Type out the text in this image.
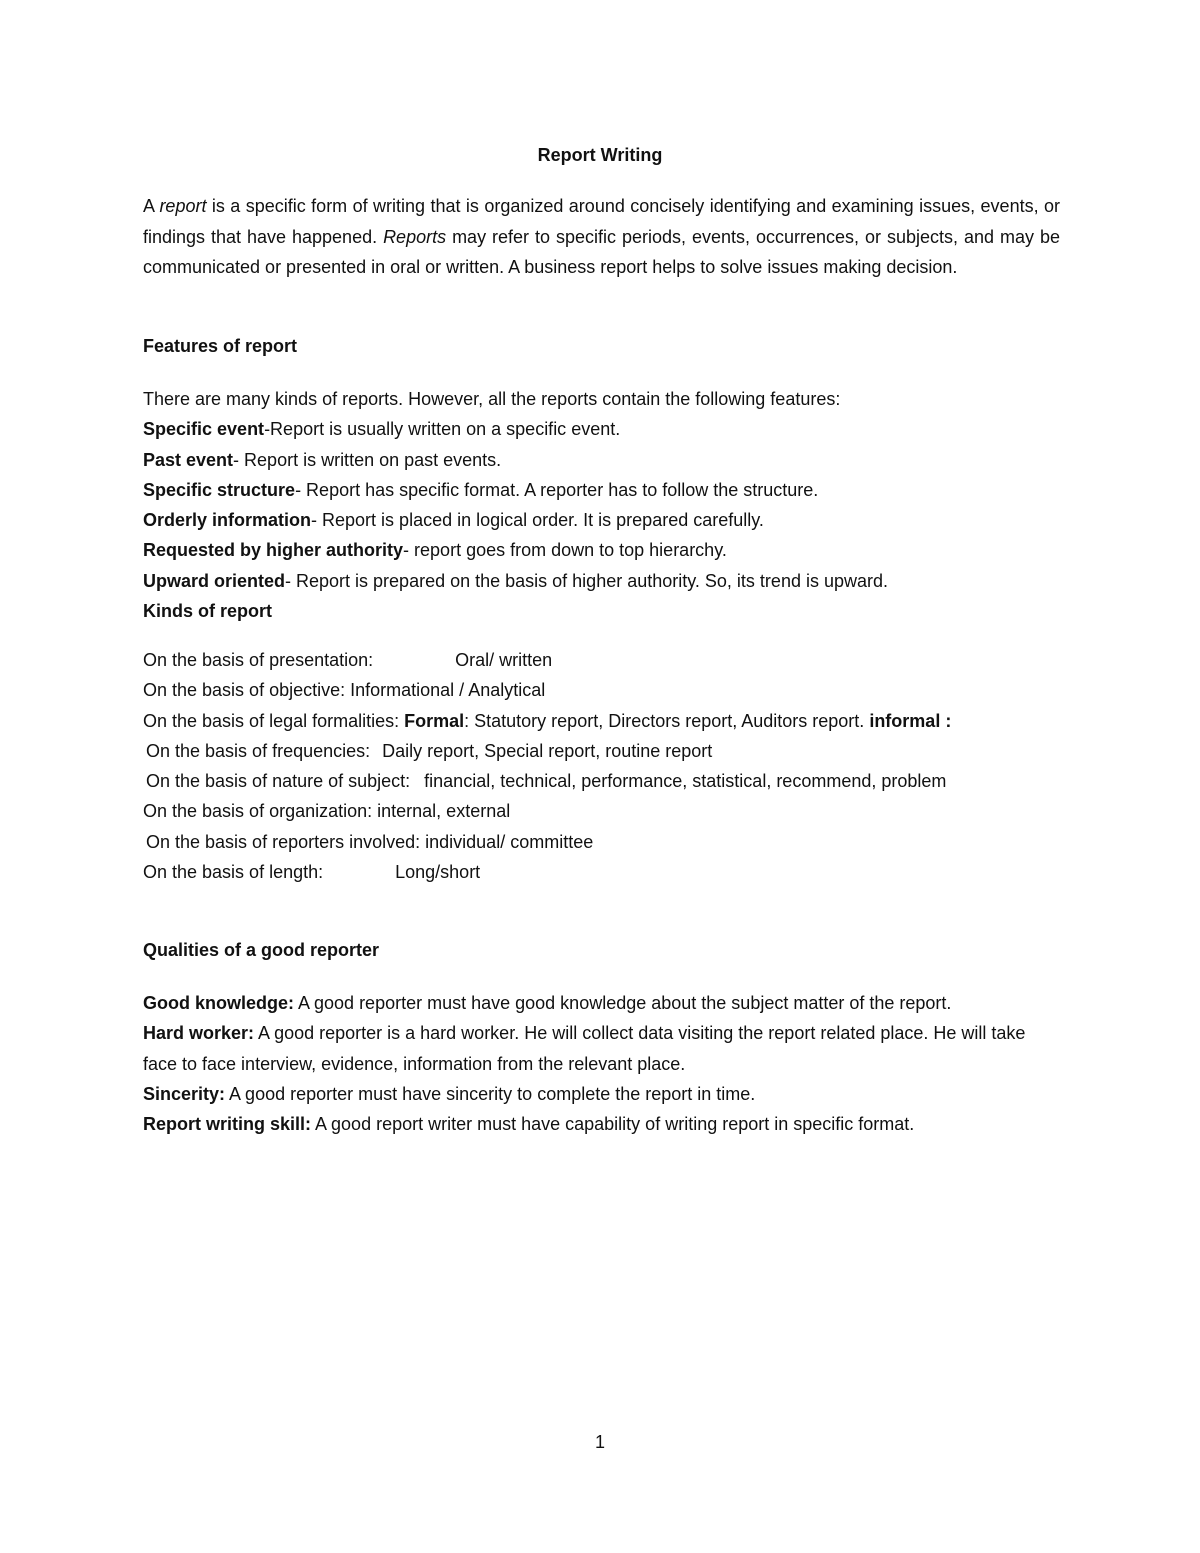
Report Writing

A report is a specific form of writing that is organized around concisely identifying and examining issues, events, or findings that have happened. Reports may refer to specific periods, events, occurrences, or subjects, and may be communicated or presented in oral or written. A business report helps to solve issues making decision.

Features of report
There are many kinds of reports. However, all the reports contain the following features:
Specific event-Report is usually written on a specific event.
Past event- Report is written on past events.
Specific structure- Report has specific format. A reporter has to follow the structure.
Orderly information- Report is placed in logical order. It is prepared carefully.
Requested by higher authority- report goes from down to top hierarchy.
Upward oriented- Report is prepared on the basis of higher authority. So, its trend is upward.
Kinds of report
On the basis of presentation:	Oral/ written
On the basis of objective: Informational / Analytical
On the basis of legal formalities: Formal: Statutory report, Directors report, Auditors report. informal :
On the basis of frequencies: Daily report, Special report, routine report
On the basis of nature of subject: financial, technical, performance, statistical, recommend, problem
On the basis of organization: internal, external
On the basis of reporters involved: individual/ committee
On the basis of length:	Long/short
Qualities of a good reporter
Good knowledge: A good reporter must have good knowledge about the subject matter of the report.
Hard worker: A good reporter is a hard worker. He will collect data visiting the report related place. He will take face to face interview, evidence, information from the relevant place.
Sincerity: A good reporter must have sincerity to complete the report in time.
Report writing skill: A good report writer must have capability of writing report in specific format.
1
